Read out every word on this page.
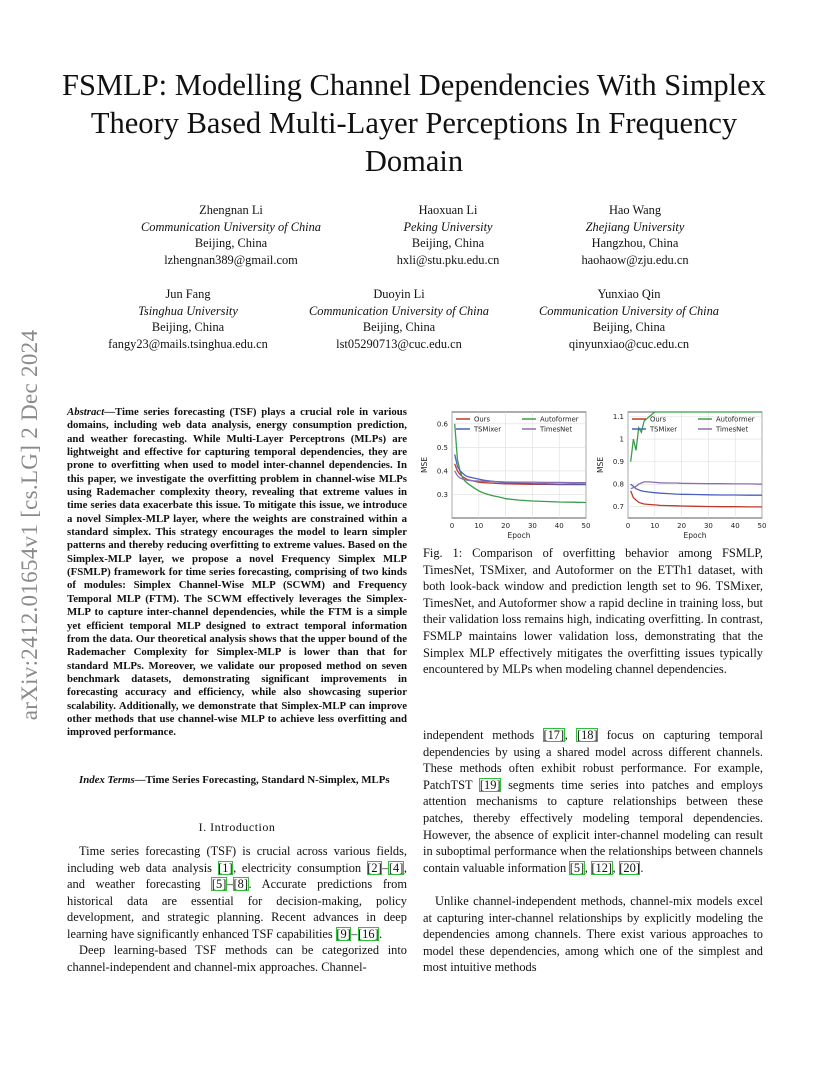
arXiv:2412.01654v1 [cs.LG] 2 Dec 2024
FSMLP: Modelling Channel Dependencies With Simplex Theory Based Multi-Layer Perceptions In Frequency Domain
Zhengnan Li
Communication University of China
Beijing, China
lzhengnan389@gmail.com
Haoxuan Li
Peking University
Beijing, China
hxli@stu.pku.edu.cn
Hao Wang
Zhejiang University
Hangzhou, China
haohaow@zju.edu.cn
Jun Fang
Tsinghua University
Beijing, China
fangy23@mails.tsinghua.edu.cn
Duoyin Li
Communication University of China
Beijing, China
lst05290713@cuc.edu.cn
Yunxiao Qin
Communication University of China
Beijing, China
qinyunxiao@cuc.edu.cn
Abstract—Time series forecasting (TSF) plays a crucial role in various domains, including web data analysis, energy consumption prediction, and weather forecasting. While Multi-Layer Perceptrons (MLPs) are lightweight and effective for capturing temporal dependencies, they are prone to overfitting when used to model inter-channel dependencies. In this paper, we investigate the overfitting problem in channel-wise MLPs using Rademacher complexity theory, revealing that extreme values in time series data exacerbate this issue. To mitigate this issue, we introduce a novel Simplex-MLP layer, where the weights are constrained within a standard simplex. This strategy encourages the model to learn simpler patterns and thereby reducing overfitting to extreme values. Based on the Simplex-MLP layer, we propose a novel Frequency Simplex MLP (FSMLP) framework for time series forecasting, comprising of two kinds of modules: Simplex Channel-Wise MLP (SCWM) and Frequency Temporal MLP (FTM). The SCWM effectively leverages the Simplex-MLP to capture inter-channel dependencies, while the FTM is a simple yet efficient temporal MLP designed to extract temporal information from the data. Our theoretical analysis shows that the upper bound of the Rademacher Complexity for Simplex-MLP is lower than that for standard MLPs. Moreover, we validate our proposed method on seven benchmark datasets, demonstrating significant improvements in forecasting accuracy and efficiency, while also showcasing superior scalability. Additionally, we demonstrate that Simplex-MLP can improve other methods that use channel-wise MLP to achieve less overfitting and improved performance.
Index Terms—Time Series Forecasting, Standard N-Simplex, MLPs
I. Introduction

Time series forecasting (TSF) is crucial across various fields, including web data analysis [1], electricity consumption [2]–[4], and weather forecasting [5]–[8]. Accurate predictions from historical data are essential for decision-making, policy development, and strategic planning. Recent advances in deep learning have significantly enhanced TSF capabilities [9]–[16].

Deep learning-based TSF methods can be categorized into channel-independent and channel-mix approaches. Channel-

independent methods [17], [18] focus on capturing temporal dependencies by using a shared model across different channels. These methods often exhibit robust performance. For example, PatchTST [19] segments time series into patches and employs attention mechanisms to capture relationships between these patches, thereby effectively modeling temporal dependencies. However, the absence of explicit inter-channel modeling can result in suboptimal performance when the relationships between channels contain valuable information [5], [12], [20].

Unlike channel-independent methods, channel-mix models excel at capturing inter-channel relationships by explicitly modeling the dependencies among channels. There exist various approaches to model these dependencies, among which one of the simplest and most intuitive methods

0	10	20	30	40	50
0.3
0.4
0.5
0.6
Ours	Autoformer
TSMixer	TimesNet
Epoch
MSE
0	10	20	30	40	50
0.7
0.8
0.9
1
1.1	Ours	Autoformer
TSMixer	TimesNet
Epoch
MSE
Fig. 1: Comparison of overfitting behavior among FSMLP, TimesNet, TSMixer, and Autoformer on the ETTh1 dataset, with both look-back window and prediction length set to 96. TSMixer, TimesNet, and Autoformer show a rapid decline in training loss, but their validation loss remains high, indicating overfitting. In contrast, FSMLP maintains lower validation loss, demonstrating that the Simplex MLP effectively mitigates the overfitting issues typically encountered by MLPs when modeling channel dependencies.
